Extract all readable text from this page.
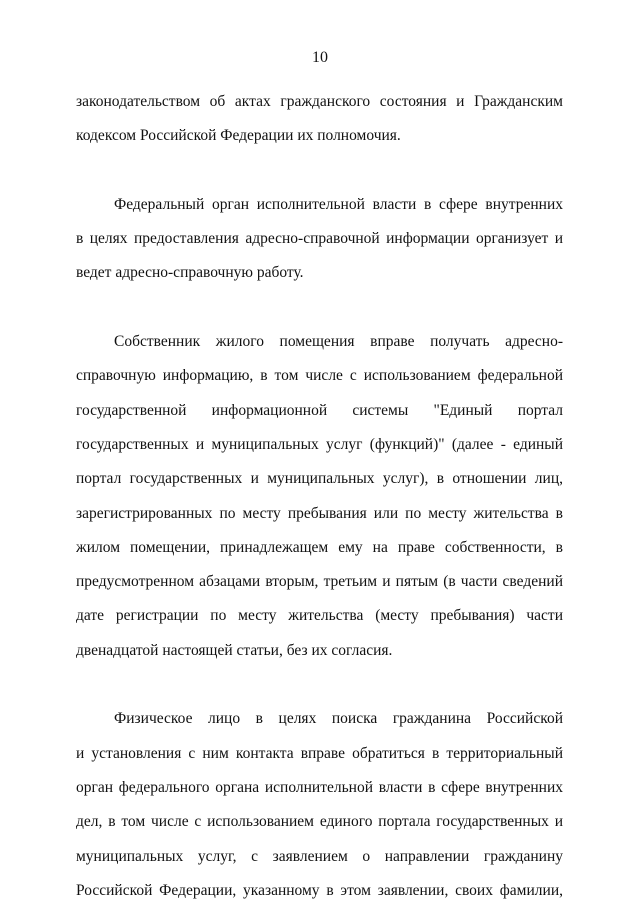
10
законодательством об актах гражданского состояния и Гражданским
кодексом Российской Федерации их полномочия.
Федеральный орган исполнительной власти в сфере внутренних
в целях предоставления адресно-справочной информации организует и
ведет адресно-справочную работу.
Собственник жилого помещения вправе получать адресно-
справочную информацию, в том числе с использованием федеральной
государственной информационной системы "Единый портал
государственных и муниципальных услуг (функций)" (далее - единый
портал государственных и муниципальных услуг), в отношении лиц,
зарегистрированных по месту пребывания или по месту жительства в
жилом помещении, принадлежащем ему на праве собственности, в
предусмотренном абзацами вторым, третьим и пятым (в части сведений
дате регистрации по месту жительства (месту пребывания) части
двенадцатой настоящей статьи, без их согласия.
Физическое лицо в целях поиска гражданина Российской
и установления с ним контакта вправе обратиться в территориальный
орган федерального органа исполнительной власти в сфере внутренних
дел, в том числе с использованием единого портала государственных и
муниципальных услуг, с заявлением о направлении гражданину
Российской Федерации, указанному в этом заявлении, своих фамилии,
